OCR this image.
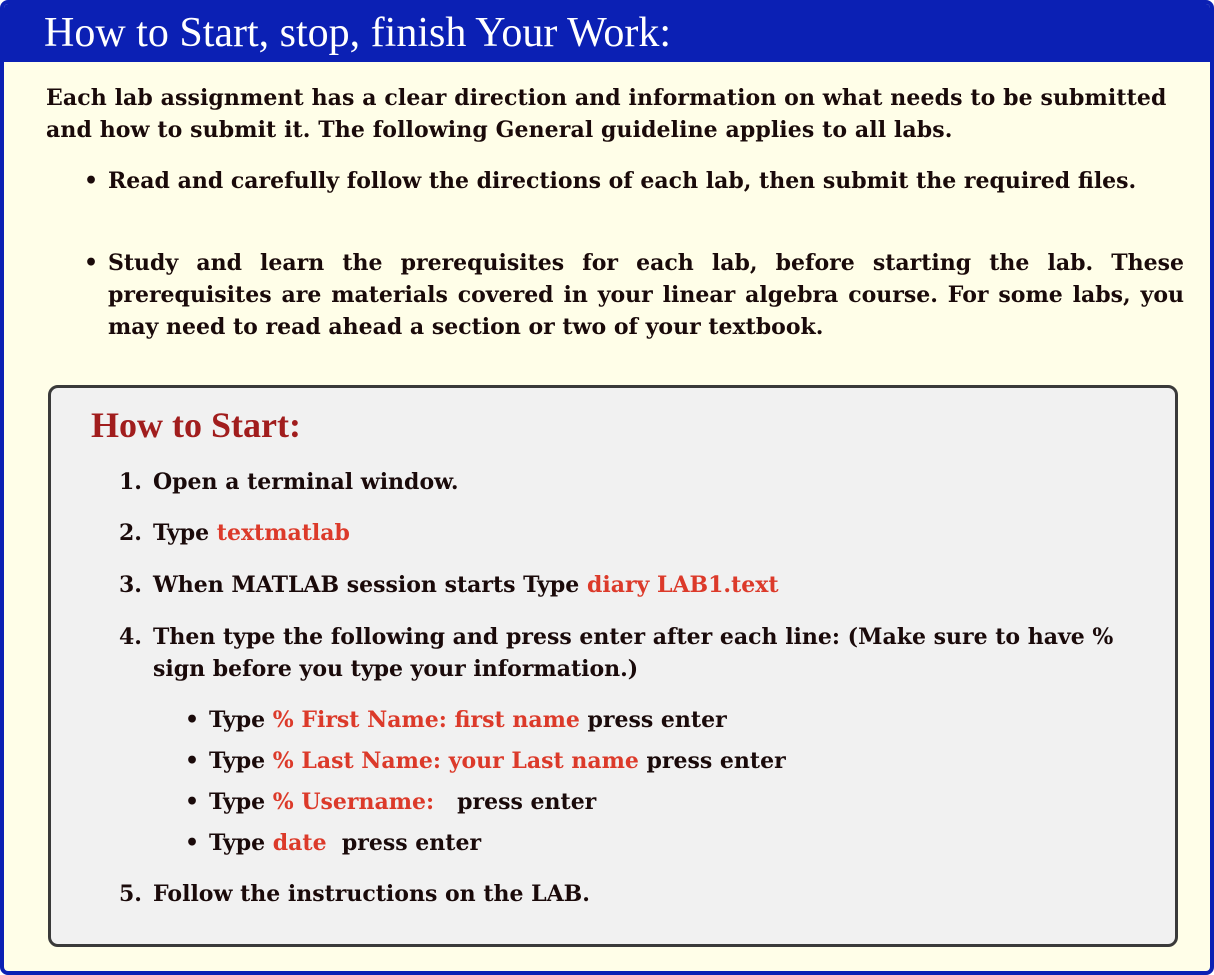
How to Start, stop, finish Your Work:
Each lab assignment has a clear direction and information on what needs to be submitted and how to submit it. The following General guideline applies to all labs.
• Read and carefully follow the directions of each lab, then submit the required files.
• Study and learn the prerequisites for each lab, before starting the lab. These prerequisites are materials covered in your linear algebra course. For some labs, you may need to read ahead a section or two of your textbook.
How to Start:
1. Open a terminal window.
2. Type textmatlab
3. When MATLAB session starts Type diary LAB1.text
4. Then type the following and press enter after each line: (Make sure to have % sign before you type your information.)
• Type % First Name: first name press enter
• Type % Last Name: your Last name press enter
• Type % Username:   press enter
• Type date  press enter
5. Follow the instructions on the LAB.
